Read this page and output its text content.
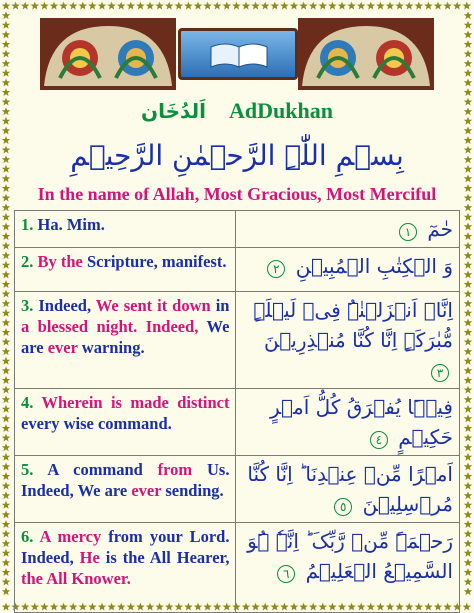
اَلدُخَان AdDukhan
بِسۡمِ اللّٰہِ الرَّحۡمٰنِ الرَّحِیۡمِ
In the name of Allah, Most Gracious, Most Merciful
1. Ha. Mim.	حٰمٓ ١
2. By the Scripture, manifest.	وَ الۡکِتٰبِ الۡمُبِیۡنِ ٢
3. Indeed, We sent it down in a blessed night. Indeed, We are ever warning.	اِنَّاۤ اَنۡزَلۡنٰہُ فِیۡ لَیۡلَۃٍ مُّبٰرَکَۃٍ اِنَّا کُنَّا مُنۡذِرِیۡنَ ٣
4. Wherein is made distinct every wise command.	فِیۡہَا یُفۡرَقُ کُلُّ اَمۡرٍ حَکِیۡمٍ ٤
5. A command from Us. Indeed, We are ever sending.	اَمۡرًا مِّنۡ عِنۡدِنَا ؕ اِنَّا کُنَّا مُرۡسِلِیۡنَ ٥
6. A mercy from your Lord. Indeed, He is the All Hearer, the All Knower.	رَحۡمَۃً مِّنۡ رَّبِّکَ ؕ اِنَّہٗ ہُوَ السَّمِیۡعُ الۡعَلِیۡمُ ٦
